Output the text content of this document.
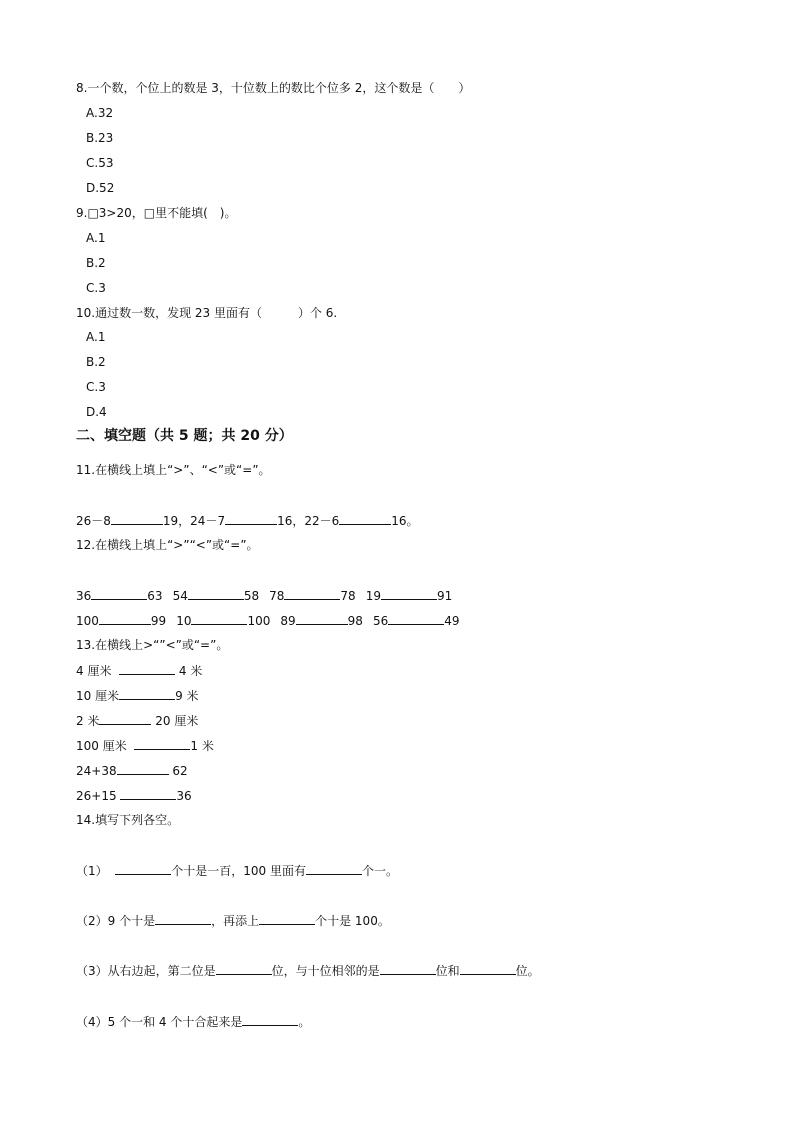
8.一个数，个位上的数是 3，十位数上的数比个位多 2，这个数是（　　）
A.32
B.23
C.53
D.52
9.□3>20，□里不能填(　)。
A.1
B.2
C.3
10.通过数一数，发现 23 里面有（　　　）个 6.
A.1
B.2
C.3
D.4
二、填空题（共 5 题；共 20 分）
11.在横线上填上“>”、“<”或“=”。
26－8	19，24－7	16，22－6	16。
12.在横线上填上“>”“<”或“=”。
36	63 54	58 78	78 19	91
100	99 10	100 89	98 56	49
13.在横线上>“”<”或“=”。
4 厘米	4 米
10 厘米	9 米
2 米	20 厘米
100 厘米	1 米
24+38	62
26+15	36
14.填写下列各空。
（1）	个十是一百，100 里面有	个一。
（2）9 个十是	，再添上	个十是 100。
（3）从右边起，第二位是	位，与十位相邻的是	位和	位。
（4）5 个一和 4 个十合起来是	。
